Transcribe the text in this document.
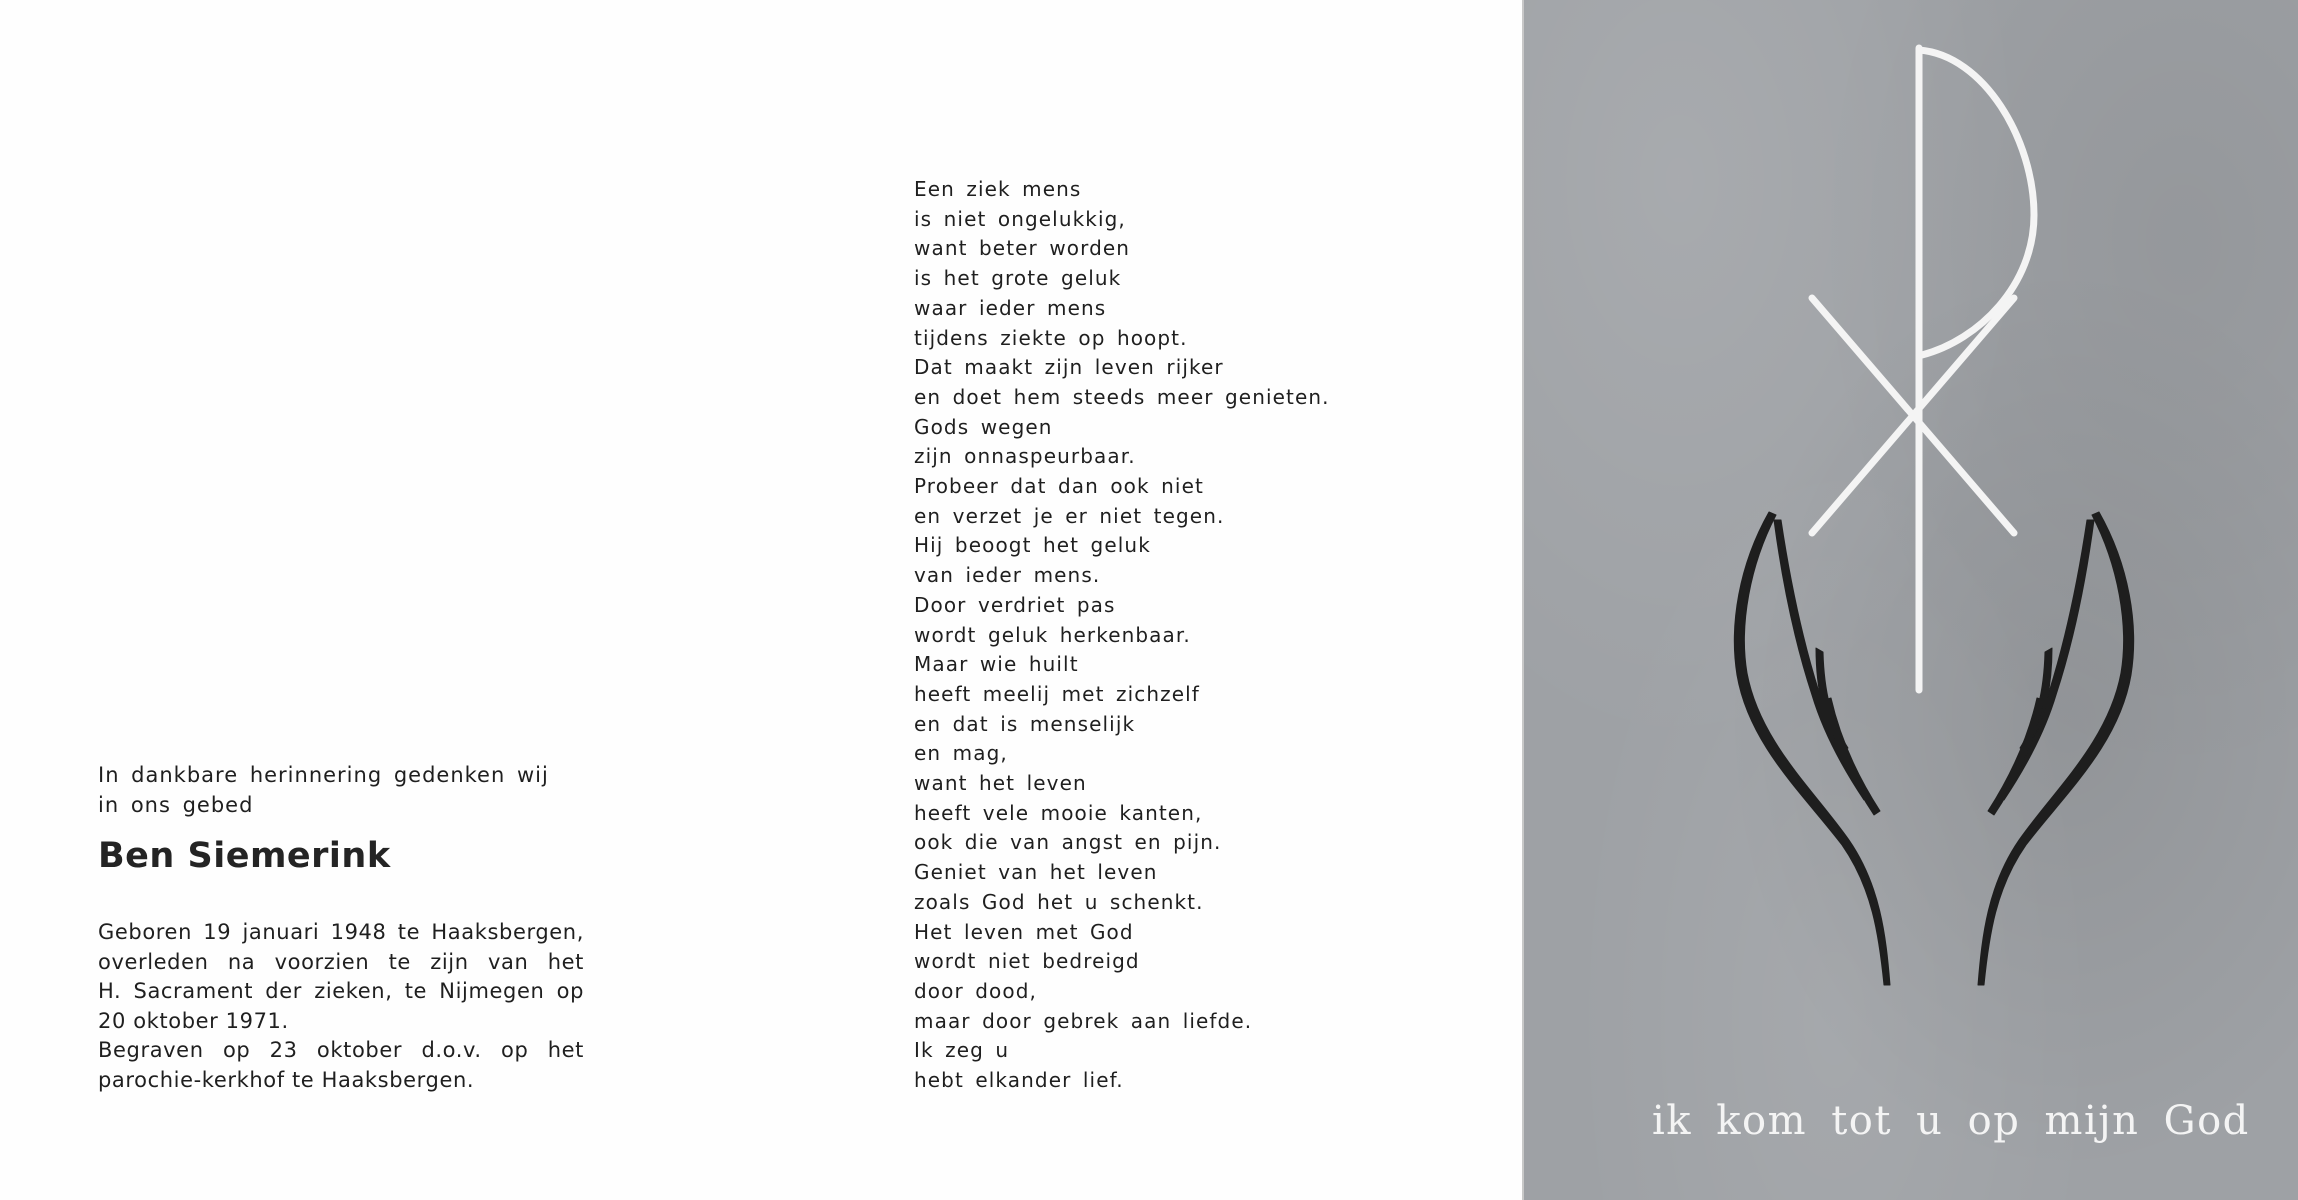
In dankbare herinnering gedenken wij
in ons gebed
Ben Siemerink
Geboren 19 januari 1948 te Haaksbergen,
overleden na voorzien te zijn van het
H. Sacrament der zieken, te Nijmegen op
20 oktober 1971.
Begraven op 23 oktober d.o.v. op het
parochie-kerkhof te Haaksbergen.
Een ziek mens
is niet ongelukkig,
want beter worden
is het grote geluk
waar ieder mens
tijdens ziekte op hoopt.
Dat maakt zijn leven rijker
en doet hem steeds meer genieten.
Gods wegen
zijn onnaspeurbaar.
Probeer dat dan ook niet
en verzet je er niet tegen.
Hij beoogt het geluk
van ieder mens.
Door verdriet pas
wordt geluk herkenbaar.
Maar wie huilt
heeft meelij met zichzelf
en dat is menselijk
en mag,
want het leven
heeft vele mooie kanten,
ook die van angst en pijn.
Geniet van het leven
zoals God het u schenkt.
Het leven met God
wordt niet bedreigd
door dood,
maar door gebrek aan liefde.
Ik zeg u
hebt elkander lief.
ik kom tot u op mijn God
